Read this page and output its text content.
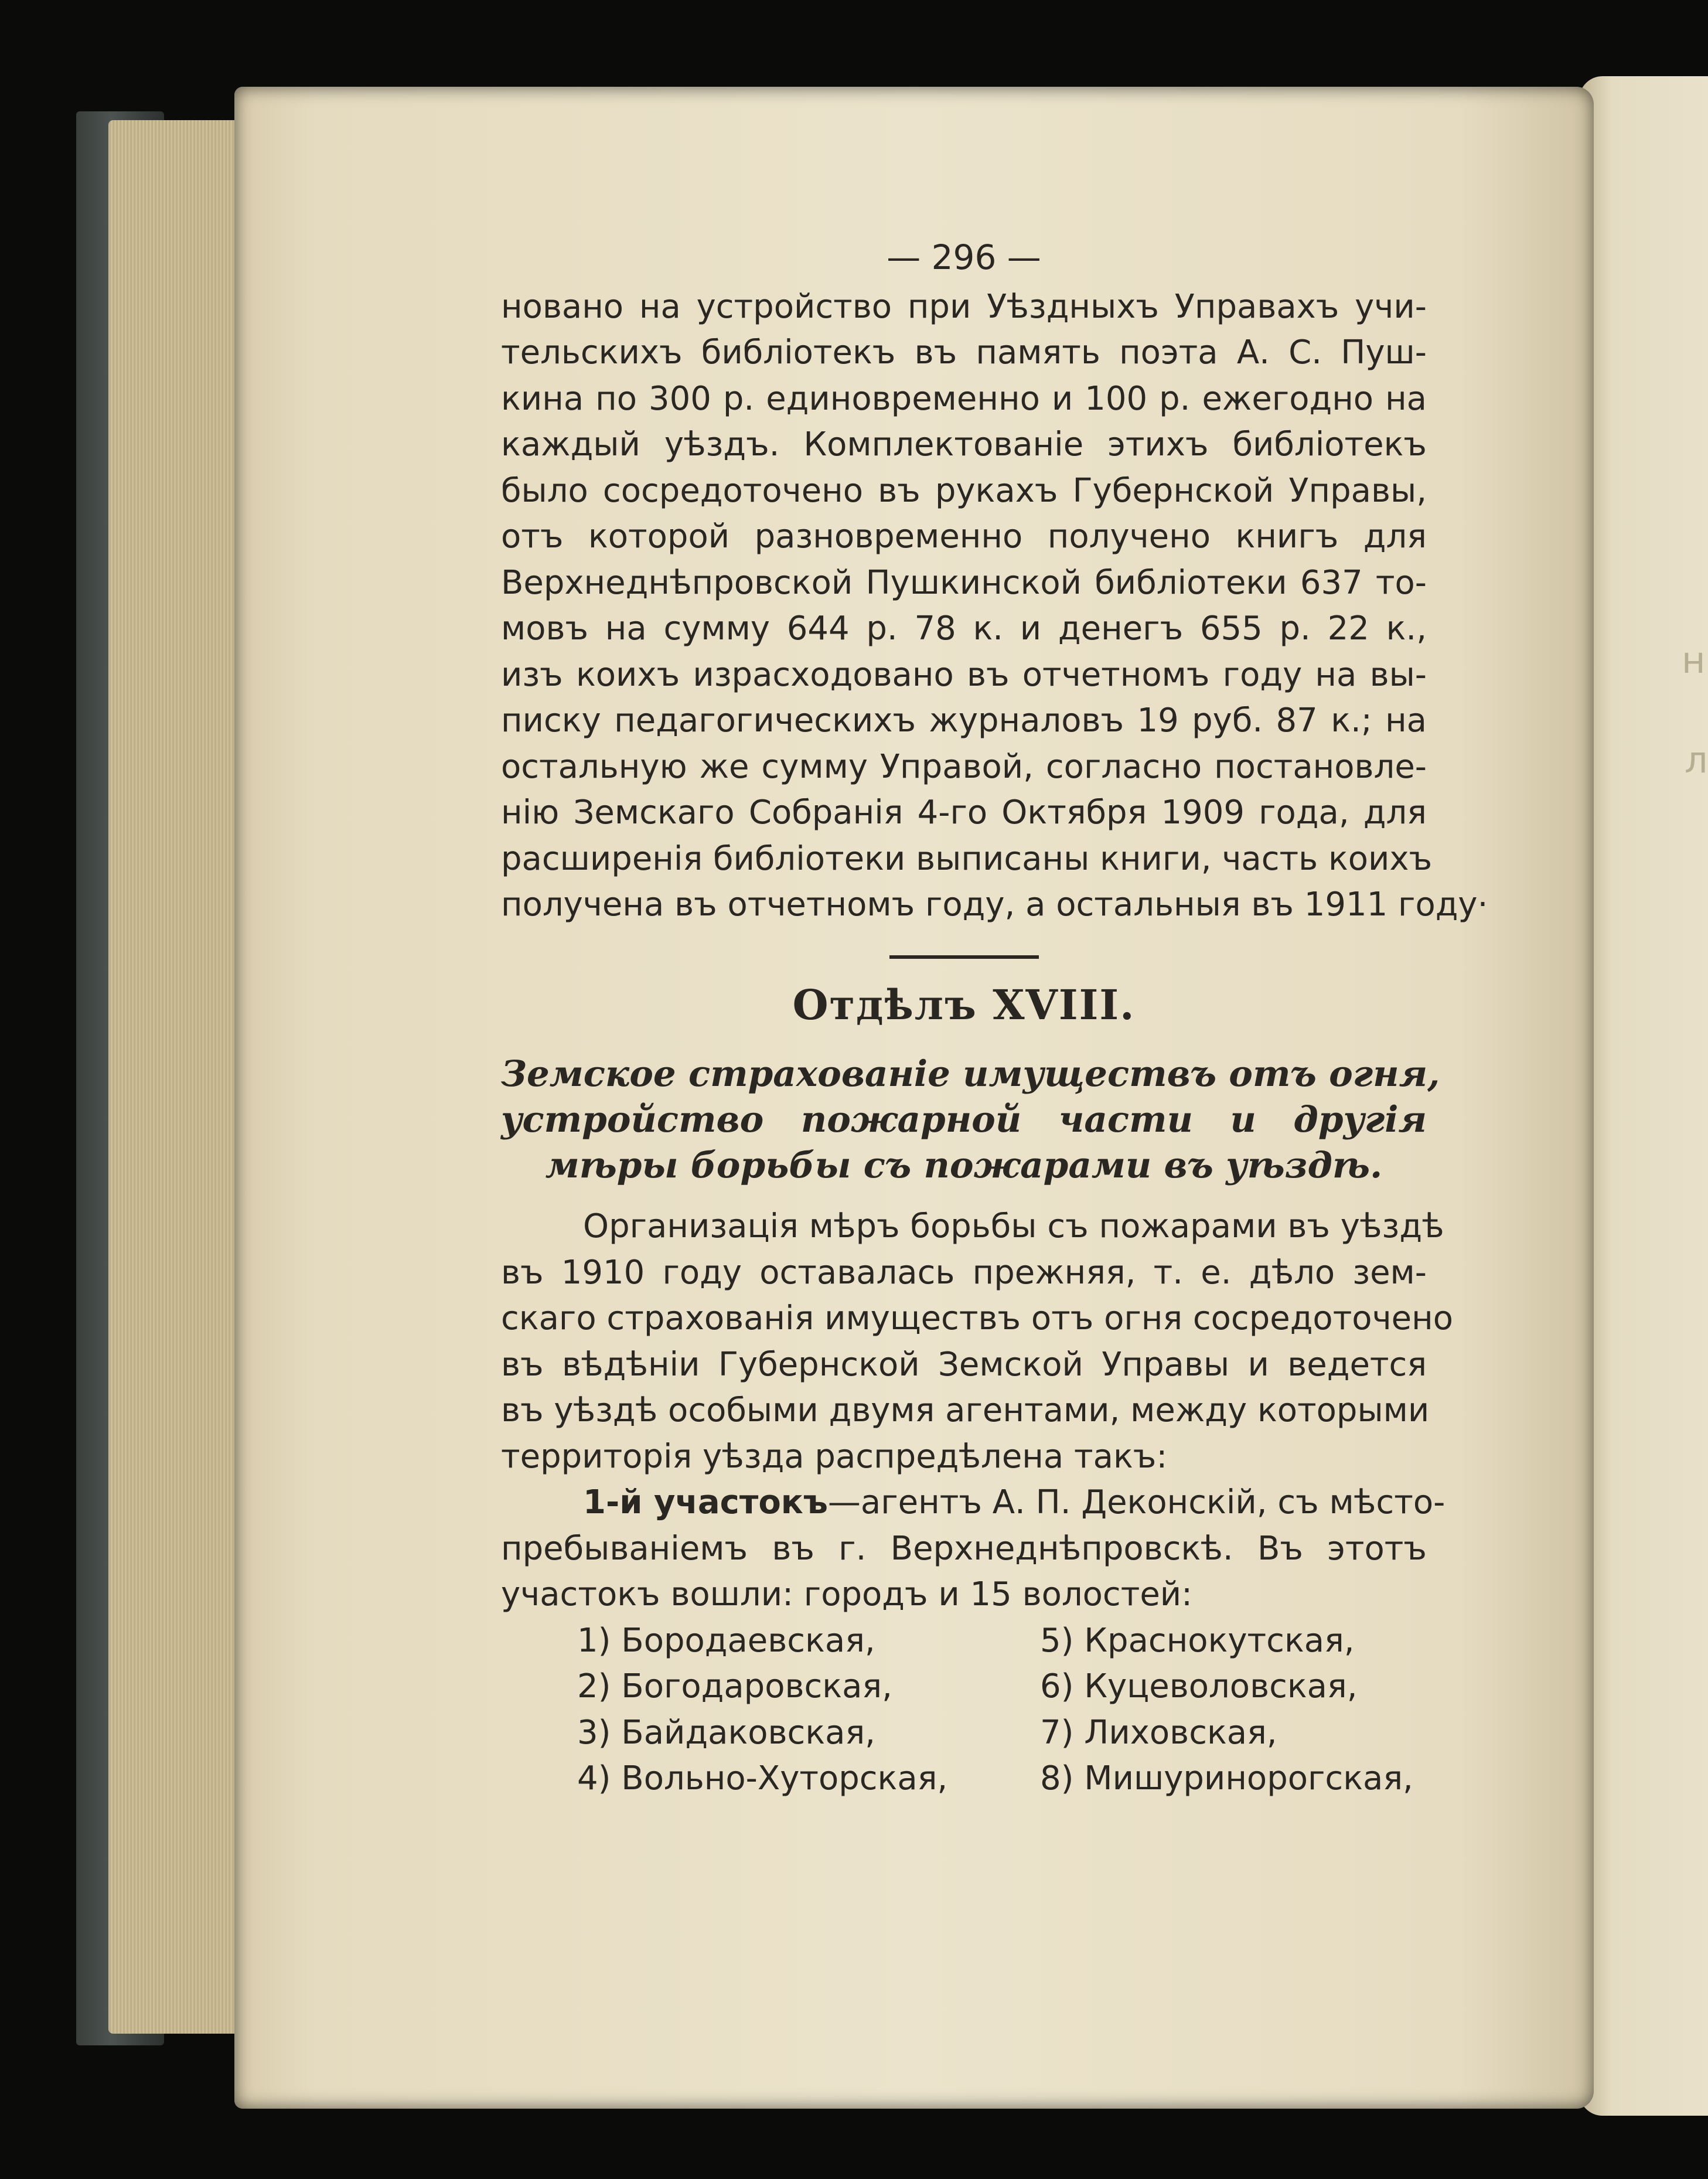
н
л
— 296 —
новано на устройство при Уѣздныхъ Управахъ учи-
тельскихъ библіотекъ въ память поэта А. С. Пуш-
кина по 300 р. единовременно и 100 р. ежегодно на
каждый уѣздъ. Комплектованіе этихъ библіотекъ
было сосредоточено въ рукахъ Губернской Управы,
отъ которой разновременно получено книгъ для
Верхнеднѣпровской Пушкинской библіотеки 637 то-
мовъ на сумму 644 р. 78 к. и денегъ 655 р. 22 к.,
изъ коихъ израсходовано въ отчетномъ году на вы-
писку педагогическихъ журналовъ 19 руб. 87 к.; на
остальную же сумму Управой, согласно постановле-
нію Земскаго Собранія 4-го Октября 1909 года, для
расширенія библіотеки выписаны книги, часть коихъ
получена въ отчетномъ году, а остальныя въ 1911 году·
Отдѣлъ XVIII.
Земское страхованіе имуществъ отъ огня,
устройство пожарной части и другія
мѣры борьбы съ пожарами въ уѣздѣ.
Организація мѣръ борьбы съ пожарами въ уѣздѣ
въ 1910 году оставалась прежняя, т. е. дѣло зем-
скаго страхованія имуществъ отъ огня сосредоточено
въ вѣдѣніи Губернской Земской Управы и ведется
въ уѣздѣ особыми двумя агентами, между которыми
территорія уѣзда распредѣлена такъ:
1-й участокъ—агентъ А. П. Деконскій, съ мѣсто-
пребываніемъ въ г. Верхнеднѣпровскѣ. Въ этотъ
участокъ вошли: городъ и 15 волостей:
1) Бородаевская,	5) Краснокутская,
2) Богодаровская,	6) Куцеволовская,
3) Байдаковская,	7) Лиховская,
4) Вольно-Хуторская,	8) Мишуринорогская,
